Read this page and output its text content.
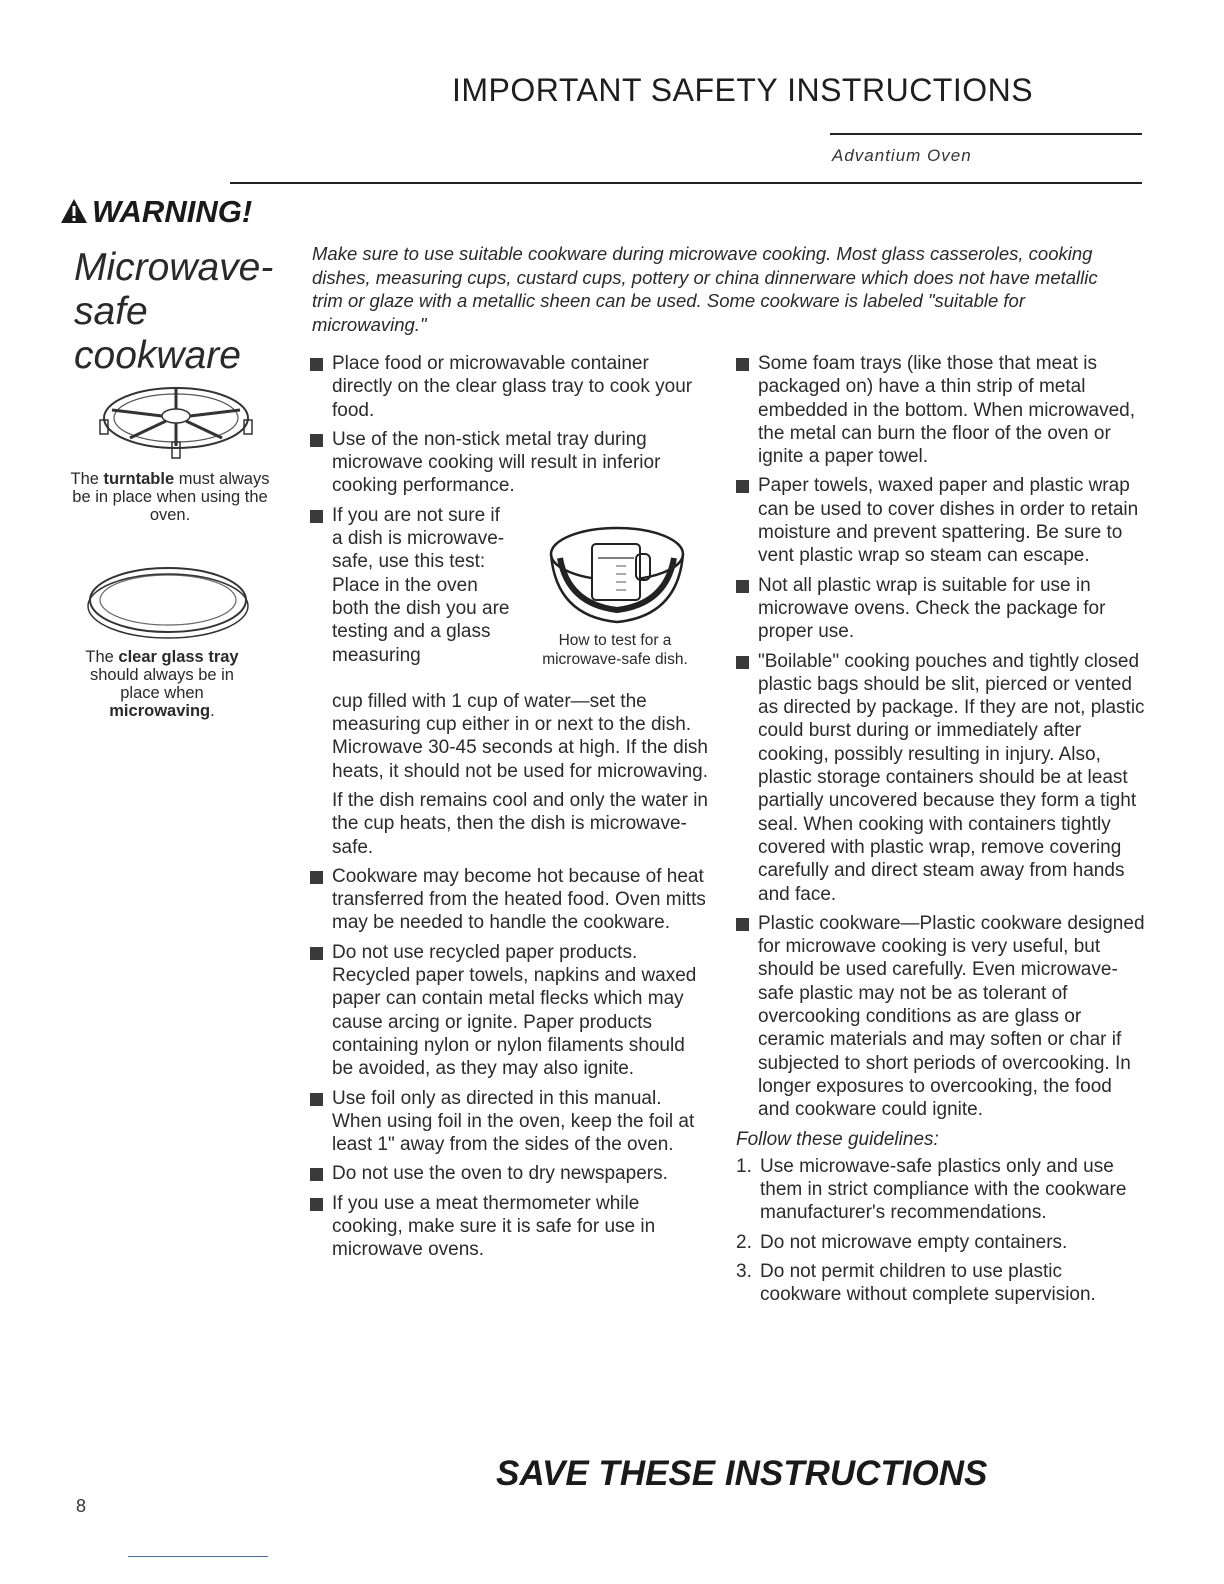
IMPORTANT SAFETY INSTRUCTIONS
Advantium Oven
WARNING!
Microwave-safe cookware
Make sure to use suitable cookware during microwave cooking. Most glass casseroles, cooking dishes, measuring cups, custard cups, pottery or china dinnerware which does not have metallic trim or glaze with a metallic sheen can be used. Some cookware is labeled "suitable for microwaving."
The turntable must always be in place when using the oven.
The clear glass tray should always be in place when microwaving.
How to test for a microwave-safe dish.
Place food or microwavable container directly on the clear glass tray to cook your food.
Use of the non-stick metal tray during microwave cooking will result in inferior cooking performance.
If you are not sure if a dish is microwave-safe, use this test: Place in the oven both the dish you are testing and a glass measuring
cup filled with 1 cup of water—set the measuring cup either in or next to the dish. Microwave 30-45 seconds at high. If the dish heats, it should not be used for microwaving.
If the dish remains cool and only the water in the cup heats, then the dish is microwave-safe.
Cookware may become hot because of heat transferred from the heated food. Oven mitts may be needed to handle the cookware.
Do not use recycled paper products. Recycled paper towels, napkins and waxed paper can contain metal flecks which may cause arcing or ignite. Paper products containing nylon or nylon filaments should be avoided, as they may also ignite.
Use foil only as directed in this manual. When using foil in the oven, keep the foil at least 1" away from the sides of the oven.
Do not use the oven to dry newspapers.
If you use a meat thermometer while cooking, make sure it is safe for use in microwave ovens.
Some foam trays (like those that meat is packaged on) have a thin strip of metal embedded in the bottom. When microwaved, the metal can burn the floor of the oven or ignite a paper towel.
Paper towels, waxed paper and plastic wrap can be used to cover dishes in order to retain moisture and prevent spattering. Be sure to vent plastic wrap so steam can escape.
Not all plastic wrap is suitable for use in microwave ovens. Check the package for proper use.
"Boilable" cooking pouches and tightly closed plastic bags should be slit, pierced or vented as directed by package. If they are not, plastic could burst during or immediately after cooking, possibly resulting in injury. Also, plastic storage containers should be at least partially uncovered because they form a tight seal. When cooking with containers tightly covered with plastic wrap, remove covering carefully and direct steam away from hands and face.
Plastic cookware—Plastic cookware designed for microwave cooking is very useful, but should be used carefully. Even microwave-safe plastic may not be as tolerant of overcooking conditions as are glass or ceramic materials and may soften or char if subjected to short periods of overcooking. In longer exposures to overcooking, the food and cookware could ignite.
Follow these guidelines:
1. Use microwave-safe plastics only and use them in strict compliance with the cookware manufacturer's recommendations.
2. Do not microwave empty containers.
3. Do not permit children to use plastic cookware without complete supervision.
SAVE THESE INSTRUCTIONS
8
